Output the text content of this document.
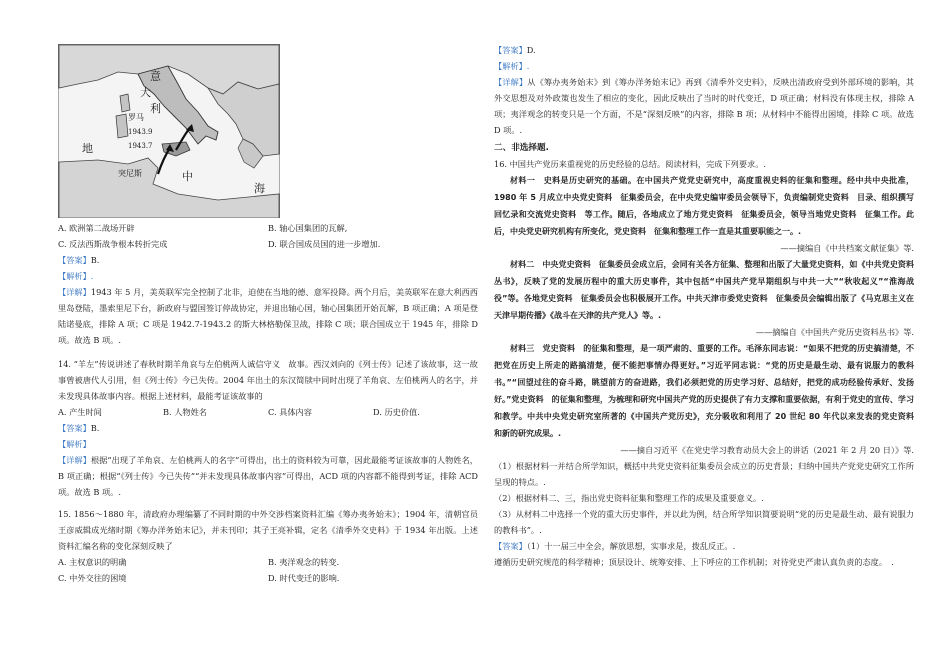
意
大
利
罗马
1943.9
1943.7
地
中
海
突尼斯
A. 欧洲第二战场开辟	B. 轴心国集团的瓦解,
C. 反法西斯战争根本转折完成	D. 联合国成员国的进一步增加.

【答案】B.

【解析】.

【详解】1943 年 5 月，美英联军完全控制了北非，迫使在当地的德、意军投降。两个月后，美英联军在意大利西西里岛登陆，墨索里尼下台，新政府与盟国签订停战协定，并退出轴心国，轴心国集团开始瓦解，B 项正确；A 项是登陆诺曼底，排除 A 项；C 项是 1942.7-1943.2 的斯大林格勒保卫战，排除 C 项；联合国成立于 1945 年，排除 D 项。故选 B 项。.

14. “羊左”传说讲述了春秋时期羊角哀与左伯桃两人诚信守义　故事。西汉刘向的《列士传》记述了该故事，这一故事曾被唐代人引用，但《列士传》今已失传。2004 年出土的东汉简牍中同时出现了羊角哀、左伯桃两人的名字，并未发现具体故事内容。根据上述材料，最能考证该故事的

A. 产生时间	B. 人物姓名	C. 具体内容	D. 历史价值.

【答案】B.

【解析】

【详解】根据“出现了羊角哀、左伯桃两人的名字”可得出，出土的资料较为可靠，因此最能考证该故事的人物姓名，B 项正确；根据“《列士传》今已失传”“并未发现具体故事内容”可得出，ACD 项的内容都不能得到考证，排除 ACD 项。故选 B 项。.

15. 1856～1880 年，清政府办理编纂了不同时期的中外交涉档案资料汇编《筹办夷务始末》；1904 年，清朝官员王彦威辑成光绪时期《筹办洋务始末记》，并未刊印；其子王亮补辑，定名《清季外交史料》于 1934 年出版。上述资料汇编名称的变化深刻反映了

A. 主权意识的明确	B. 夷洋观念的转变.
C. 中外交往的困境	D. 时代变迁的影响.

【答案】D.

【解析】.

【详解】从《筹办夷务始末》到《筹办洋务始末记》再到《清季外交史料》，反映出清政府受到外部环境的影响，其外交思想及对外政策也发生了相应的变化，因此反映出了当时的时代变迁，D 项正确；材料没有体现主权，排除 A 项；夷洋观念的转变只是一个方面，不是“深刻反映”的内容，排除 B 项；从材料中不能得出困境，排除 C 项。故选 D 项。.

二、非选择题.

16. 中国共产党历来重视党的历史经验的总结。阅读材料，完成下列要求。.

材料一　史料是历史研究的基础。在中国共产党党史研究中，高度重视史料的征集和整理。经中共中央批准，1980 年 5 月成立中央党史资料　征集委员会，在中央党史编审委员会领导下，负责编制党史资料　目录、组织撰写回忆录和交流党史资料　等工作。随后，各地成立了地方党史资料　征集委员会，领导当地党史资料　征集工作。此后，中央党史研究机构有所变化，党史资料　征集和整理工作一直是其重要职能之一。.

——摘编自《中共档案文献征集》等.

材料二　中央党史资料　征集委员会成立后，会同有关各方征集、整理和出版了大量党史资料，如《中共党史资料　丛书》，反映了党的发展历程中的重大历史事件，其中包括“中国共产党早期组织与中共一大”“秋收起义”“淮海战役”等。各地党史资料　征集委员会也积极展开工作。中共天津市委党史资料　征集委员会编辑出版了《马克思主义在天津早期传播》《战斗在天津的共产党人》等。.

——摘编自《中国共产党历史资料丛书》等.

材料三　党史资料　的征集和整理，是一项严肃的、重要的工作。毛泽东同志说：“如果不把党的历史搞清楚，不把党在历史上所走的路搞清楚，便不能把事情办得更好。”习近平同志说：“党的历史是最生动、最有说服力的教科书。”“回望过往的奋斗路，眺望前方的奋进路，我们必须把党的历史学习好、总结好，把党的成功经验传承好、发扬好。”党史资料　的征集和整理，为梳理和研究中国共产党的历史提供了有力支撑和重要依据，有利于党史的宣传、学习和教学。中共中央党史研究室所著的《中国共产党历史》，充分吸收和利用了 20 世纪 80 年代以来发表的党史资料　和新的研究成果。.

——摘自习近平《在党史学习教育动员大会上的讲话（2021 年 2 月 20 日）》等.

（1）根据材料一并结合所学知识，概括中共党史资料征集委员会成立的历史背景；归纳中国共产党党史研究工作所呈现的特点。.

（2）根据材料二、三，指出党史资料征集和整理工作的成果及重要意义。.

（3）从材料二中选择一个党的重大历史事件，并以此为例，结合所学知识简要说明“党的历史是最生动、最有说服力的教科书”。.

【答案】（1）十一届三中全会，解放思想，实事求是，拨乱反正。.

遵循历史研究规范的科学精神；顶层设计、统筹安排、上下呼应的工作机制；对待党史严肃认真负责的态度。　.
